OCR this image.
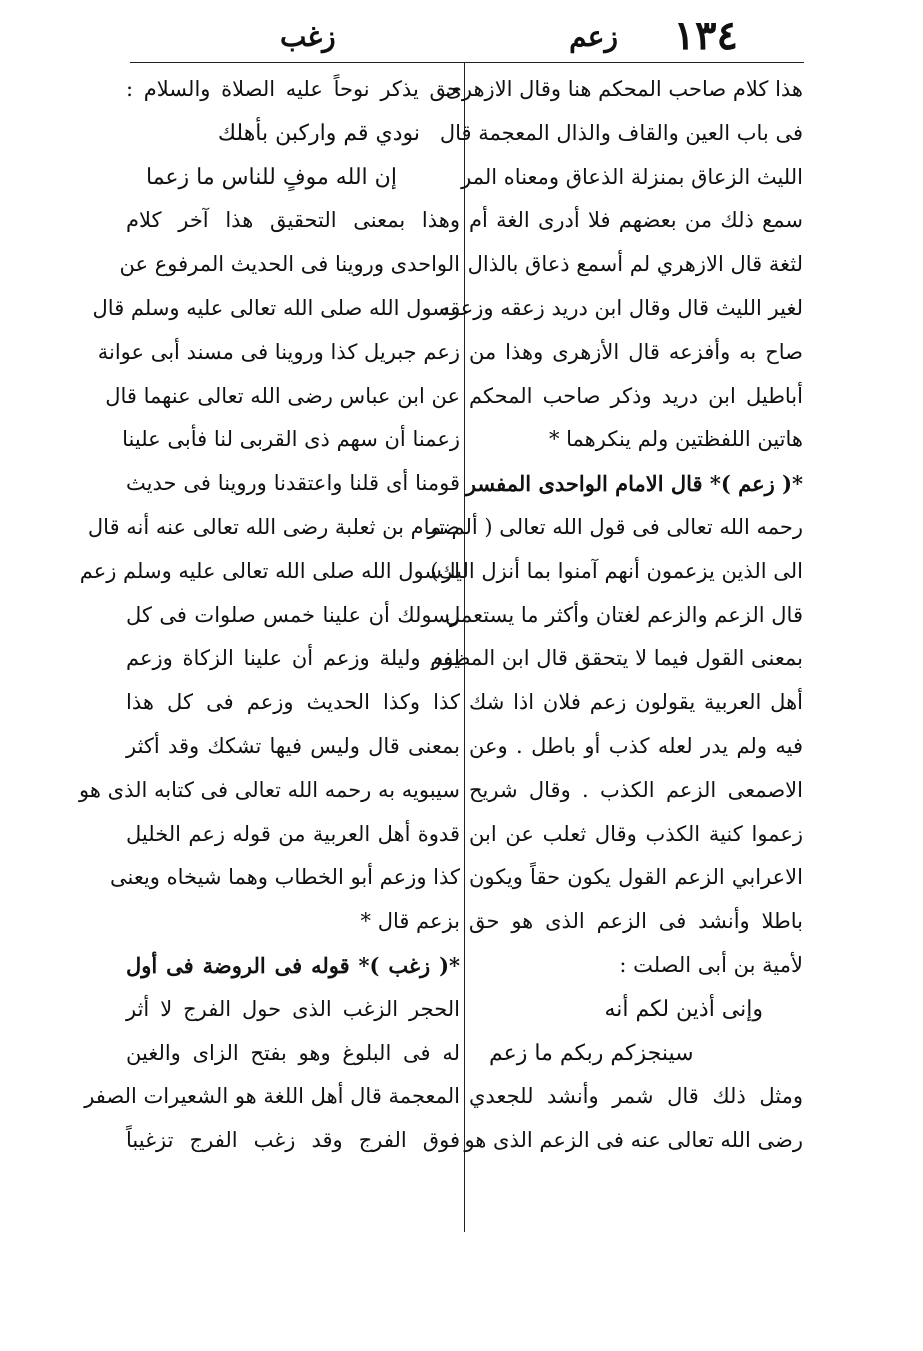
١٣٤
زعم
زغب
هذا كلام صاحب المحكم هنا وقال الازهرى
فى باب العين والقاف والذال المعجمة قال
الليث الزعاق بمنزلة الذعاق ومعناه المر
سمع ذلك من بعضهم فلا أدرى الغة أم
لثغة قال الازهري لم أسمع ذعاق بالذال
لغير الليث قال وقال ابن دريد زعقه وزعقه
صاح به وأفزعه قال الأزهرى وهذا من
أباطيل ابن دريد وذكر صاحب المحكم
هاتين اللفظتين ولم ينكرهما *
*( زعم )* قال الامام الواحدى المفسر
رحمه الله تعالى فى قول الله تعالى ( ألم تر
الى الذين يزعمون أنهم آمنوا بما أنزل اليك)
قال الزعم والزعم لغتان وأكثر ما يستعمل
بمعنى القول فيما لا يتحقق قال ابن المظفر
أهل العربية يقولون زعم فلان اذا شك
فيه ولم يدر لعله كذب أو باطل . وعن
الاصمعى الزعم الكذب . وقال شريح
زعموا كنية الكذب وقال ثعلب عن ابن
الاعرابي الزعم القول يكون حقاً ويكون
باطلا وأنشد فى الزعم الذى هو حق
لأمية بن أبى الصلت :
وإنى أذين لكم أنه
سينجزكم ربكم ما زعم
ومثل ذلك قال شمر وأنشد للجعدي
رضى الله تعالى عنه فى الزعم الذى هو
حق يذكر نوحاً عليه الصلاة والسلام :
نودي قم واركبن بأهلك
إن الله موفٍ للناس ما زعما
وهذا بمعنى التحقيق هذا آخر كلام
الواحدى وروينا فى الحديث المرفوع عن
رسول الله صلى الله تعالى عليه وسلم قال
زعم جبريل كذا وروينا فى مسند أبى عوانة
عن ابن عباس رضى الله تعالى عنهما قال
زعمنا أن سهم ذى القربى لنا فأبى علينا
قومنا أى قلنا واعتقدنا وروينا فى حديث
ضمام بن ثعلبة رضى الله تعالى عنه أنه قال
لرسول الله صلى الله تعالى عليه وسلم زعم
رسولك أن علينا خمس صلوات فى كل
يوم وليلة وزعم أن علينا الزكاة وزعم
كذا وكذا الحديث وزعم فى كل هذا
بمعنى قال وليس فيها تشكك وقد أكثر
سيبويه به رحمه الله تعالى فى كتابه الذى هو
قدوة أهل العربية من قوله زعم الخليل
كذا وزعم أبو الخطاب وهما شيخاه ويعنى
بزعم قال *
*( زغب )* قوله فى الروضة فى أول
الحجر الزغب الذى حول الفرج لا أثر
له فى البلوغ وهو بفتح الزاى والغين
المعجمة قال أهل اللغة هو الشعيرات الصفر
فوق الفرج وقد زغب الفرج تزغيباً
